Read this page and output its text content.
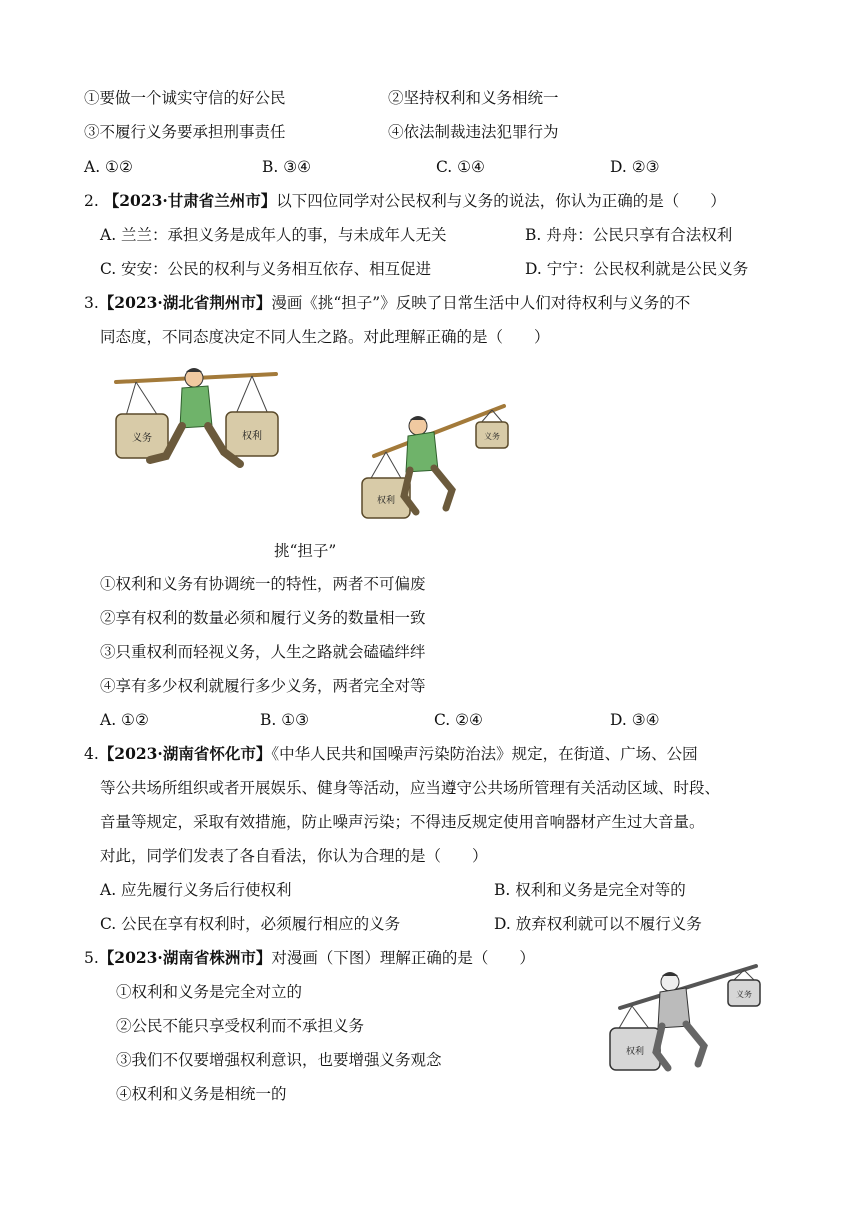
①要做一个诚实守信的好公民	②坚持权利和义务相统一
③不履行义务要承担刑事责任	④依法制裁违法犯罪行为
A. ①②	B. ③④	C. ①④	D. ②③
2. 【2023·甘肃省兰州市】以下四位同学对公民权利与义务的说法，你认为正确的是（　　）
A. 兰兰：承担义务是成年人的事，与未成年人无关	B. 舟舟：公民只享有合法权利
C. 安安：公民的权利与义务相互依存、相互促进	D. 宁宁：公民权利就是公民义务
3.【2023·湖北省荆州市】漫画《挑“担子”》反映了日常生活中人们对待权利与义务的不
同态度，不同态度决定不同人生之路。对此理解正确的是（　　）
义务	权利
权利
义务
挑“担子”
①权利和义务有协调统一的特性，两者不可偏废
②享有权利的数量必须和履行义务的数量相一致
③只重权利而轻视义务，人生之路就会磕磕绊绊
④享有多少权利就履行多少义务，两者完全对等
A. ①②	B. ①③	C. ②④	D. ③④
4.【2023·湖南省怀化市】《中华人民共和国噪声污染防治法》规定，在街道、广场、公园
等公共场所组织或者开展娱乐、健身等活动，应当遵守公共场所管理有关活动区域、时段、
音量等规定，采取有效措施，防止噪声污染；不得违反规定使用音响器材产生过大音量。
对此，同学们发表了各自看法，你认为合理的是（　　）
A. 应先履行义务后行使权利	B. 权利和义务是完全对等的
C. 公民在享有权利时，必须履行相应的义务	D. 放弃权利就可以不履行义务
5.【2023·湖南省株洲市】对漫画（下图）理解正确的是（　　）
①权利和义务是完全对立的
②公民不能只享受权利而不承担义务
③我们不仅要增强权利意识，也要增强义务观念
④权利和义务是相统一的
权利
义务
